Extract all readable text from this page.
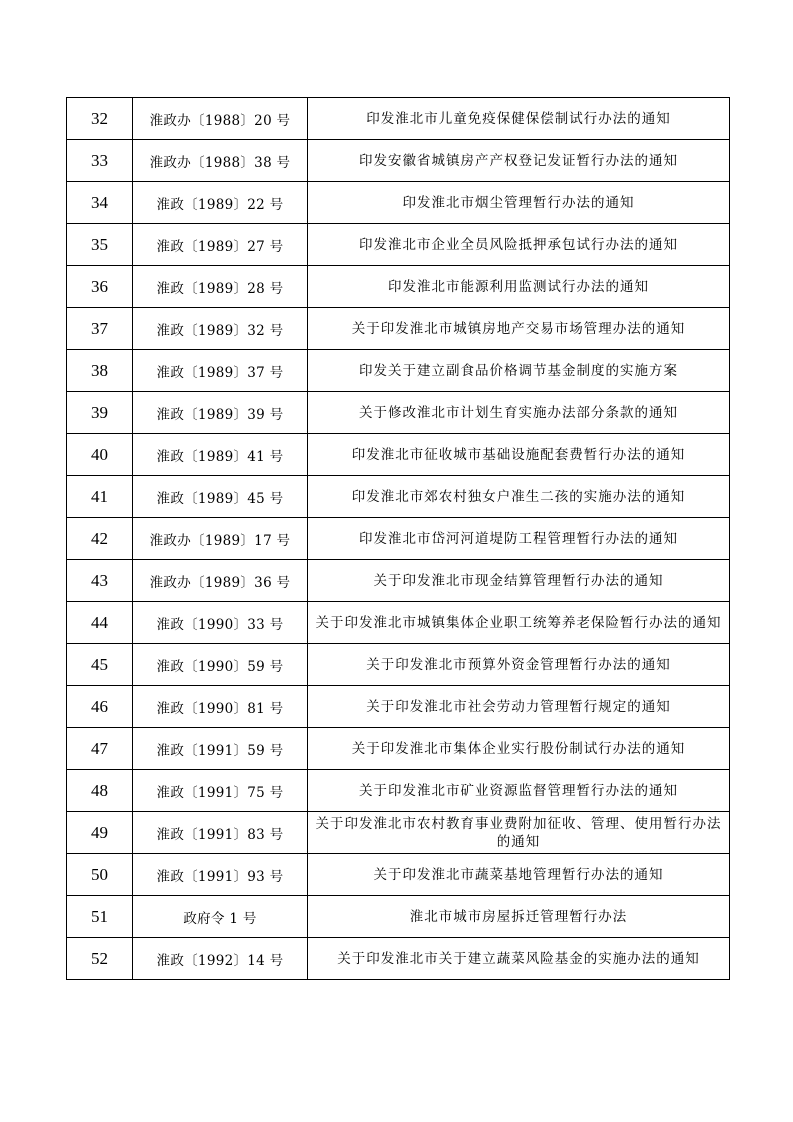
32	淮政办〔1988〕20 号	印发淮北市儿童免疫保健保偿制试行办法的通知
33	淮政办〔1988〕38 号	印发安徽省城镇房产产权登记发证暂行办法的通知
34	淮政〔1989〕22 号	印发淮北市烟尘管理暂行办法的通知
35	淮政〔1989〕27 号	印发淮北市企业全员风险抵押承包试行办法的通知
36	淮政〔1989〕28 号	印发淮北市能源利用监测试行办法的通知
37	淮政〔1989〕32 号	关于印发淮北市城镇房地产交易市场管理办法的通知
38	淮政〔1989〕37 号	印发关于建立副食品价格调节基金制度的实施方案
39	淮政〔1989〕39 号	关于修改淮北市计划生育实施办法部分条款的通知
40	淮政〔1989〕41 号	印发淮北市征收城市基础设施配套费暂行办法的通知
41	淮政〔1989〕45 号	印发淮北市郊农村独女户准生二孩的实施办法的通知
42	淮政办〔1989〕17 号	印发淮北市岱河河道堤防工程管理暂行办法的通知
43	淮政办〔1989〕36 号	关于印发淮北市现金结算管理暂行办法的通知
44	淮政〔1990〕33 号	关于印发淮北市城镇集体企业职工统筹养老保险暂行办法的通知
45	淮政〔1990〕59 号	关于印发淮北市预算外资金管理暂行办法的通知
46	淮政〔1990〕81 号	关于印发淮北市社会劳动力管理暂行规定的通知
47	淮政〔1991〕59 号	关于印发淮北市集体企业实行股份制试行办法的通知
48	淮政〔1991〕75 号	关于印发淮北市矿业资源监督管理暂行办法的通知
49	淮政〔1991〕83 号	关于印发淮北市农村教育事业费附加征收、管理、使用暂行办法的通知
50	淮政〔1991〕93 号	关于印发淮北市蔬菜基地管理暂行办法的通知
51	政府令 1 号	淮北市城市房屋拆迁管理暂行办法
52	淮政〔1992〕14 号	关于印发淮北市关于建立蔬菜风险基金的实施办法的通知
